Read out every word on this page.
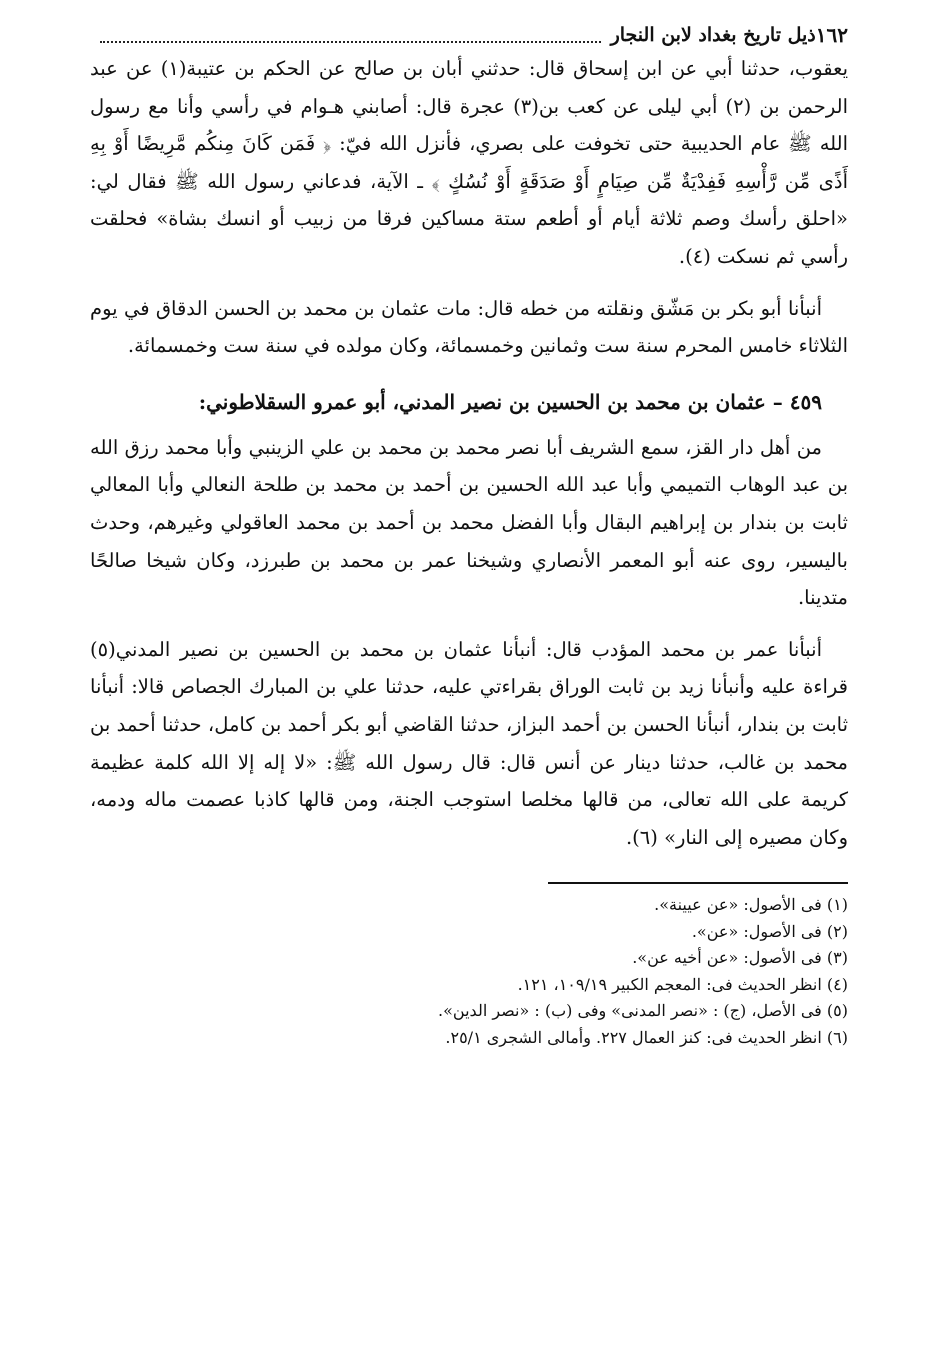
١٦٢
ذيل تاريخ بغداد لابن النجار

يعقوب، حدثنا أبي عن ابن إسحاق قال: حدثني أبان بن صالح عن الحكم بن عتيبة(١) عن عبد الرحمن بن (٢) أبي ليلى عن كعب بن(٣) عجرة قال: أصابني هـوام في رأسي وأنا مع رسول الله ﷺ عام الحديبية حتى تخوفت على بصري، فأنزل الله فيّ: ﴿ فَمَن كَانَ مِنكُم مَّرِيضًا أَوْ بِهِ أَذًى مِّن رَّأْسِهِ فَفِدْيَةٌ مِّن صِيَامٍ أَوْ صَدَقَةٍ أَوْ نُسُكٍ ﴾ ـ الآية، فدعاني رسول الله ﷺ فقال لي: «احلق رأسك وصم ثلاثة أيام أو أطعم ستة مساكين فرقا من زبيب أو انسك بشاة» فحلقت رأسي ثم نسكت (٤).

أنبأنا أبو بكر بن مَشّق ونقلته من خطه قال: مات عثمان بن محمد بن الحسن الدقاق في يوم الثلاثاء خامس المحرم سنة ست وثمانين وخمسمائة، وكان مولده في سنة ست وخمسمائة.

٤٥٩ – عثمان بن محمد بن الحسين بن نصير المدني، أبو عمرو السقلاطوني:

من أهل دار القز، سمع الشريف أبا نصر محمد بن محمد بن علي الزينبي وأبا محمد رزق الله بن عبد الوهاب التميمي وأبا عبد الله الحسين بن أحمد بن محمد بن طلحة النعالي وأبا المعالي ثابت بن بندار بن إبراهيم البقال وأبا الفضل محمد بن أحمد بن محمد العاقولي وغيرهم، وحدث باليسير، روى عنه أبو المعمر الأنصاري وشيخنا عمر بن محمد بن طبرزد، وكان شيخا صالحًا متدينا.

أنبأنا عمر بن محمد المؤدب قال: أنبأنا عثمان بن محمد بن الحسين بن نصير المدني(٥) قراءة عليه وأنبأنا زيد بن ثابت الوراق بقراءتي عليه، حدثنا علي بن المبارك الجصاص قالا: أنبأنا ثابت بن بندار، أنبأنا الحسن بن أحمد البزاز، حدثنا القاضي أبو بكر أحمد بن كامل، حدثنا أحمد بن محمد بن غالب، حدثنا دينار عن أنس قال: قال رسول الله ﷺ: «لا إله إلا الله كلمة عظيمة كريمة على الله تعالى، من قالها مخلصا استوجب الجنة، ومن قالها كاذبا عصمت ماله ودمه، وكان مصيره إلى النار» (٦).

(١) فى الأصول: «عن عيينة».
(٢) فى الأصول: «عن».
(٣) فى الأصول: «عن أخيه عن».
(٤) انظر الحديث فى: المعجم الكبير ١٠٩/١٩، ١٢١.
(٥) فى الأصل، (ج) : «نصر المدنى» وفى (ب) : «نصر الدين».
(٦) انظر الحديث فى: كنز العمال ٢٢٧. وأمالى الشجرى ٢٥/١.
